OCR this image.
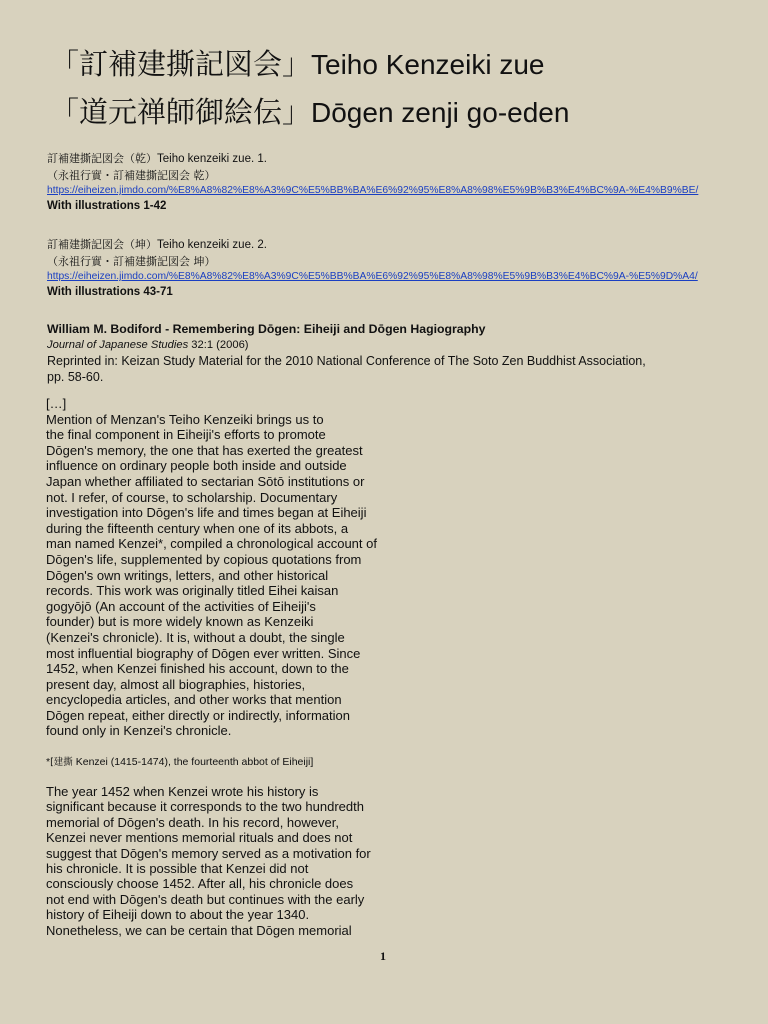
「訂補建撕記図会」Teiho Kenzeiki zue
「道元禅師御絵伝」Dōgen zenji go-eden
訂補建撕記図会（乾）Teiho kenzeiki zue. 1.
（永祖行實・訂補建撕記図会 乾）
https://eiheizen.jimdo.com/%E8%A8%82%E8%A3%9C%E5%BB%BA%E6%92%95%E8%A8%98%E5%9B%B3%E4%BC%9A-%E4%B9%BE/
With illustrations 1-42
訂補建撕記図会（坤）Teiho kenzeiki zue. 2.
（永祖行實・訂補建撕記図会 坤）
https://eiheizen.jimdo.com/%E8%A8%82%E8%A3%9C%E5%BB%BA%E6%92%95%E8%A8%98%E5%9B%B3%E4%BC%9A-%E5%9D%A4/
With illustrations 43-71
William M. Bodiford - Remembering Dōgen: Eiheiji and Dōgen Hagiography
Journal of Japanese Studies 32:1 (2006)
Reprinted in: Keizan Study Material for the 2010 National Conference of The Soto Zen Buddhist Association,
pp. 58-60.
[…]
Mention of Menzan's Teiho Kenzeiki brings us to
the final component in Eiheiji's efforts to promote
Dōgen's memory, the one that has exerted the greatest
influence on ordinary people both inside and outside
Japan whether affiliated to sectarian Sōtō institutions or
not. I refer, of course, to scholarship. Documentary
investigation into Dōgen's life and times began at Eiheiji
during the fifteenth century when one of its abbots, a
man named Kenzei*, compiled a chronological account of
Dōgen's life, supplemented by copious quotations from
Dōgen's own writings, letters, and other historical
records. This work was originally titled Eihei kaisan
gogyōjō (An account of the activities of Eiheiji's
founder) but is more widely known as Kenzeiki
(Kenzei's chronicle). It is, without a doubt, the single
most influential biography of Dōgen ever written. Since
1452, when Kenzei finished his account, down to the
present day, almost all biographies, histories,
encyclopedia articles, and other works that mention
Dōgen repeat, either directly or indirectly, information
found only in Kenzei's chronicle.
*[建撕 Kenzei (1415-1474), the fourteenth abbot of Eiheiji]
The year 1452 when Kenzei wrote his history is
significant because it corresponds to the two hundredth
memorial of Dōgen's death. In his record, however,
Kenzei never mentions memorial rituals and does not
suggest that Dōgen's memory served as a motivation for
his chronicle. It is possible that Kenzei did not
consciously choose 1452. After all, his chronicle does
not end with Dōgen's death but continues with the early
history of Eiheiji down to about the year 1340.
Nonetheless, we can be certain that Dōgen memorial
1
